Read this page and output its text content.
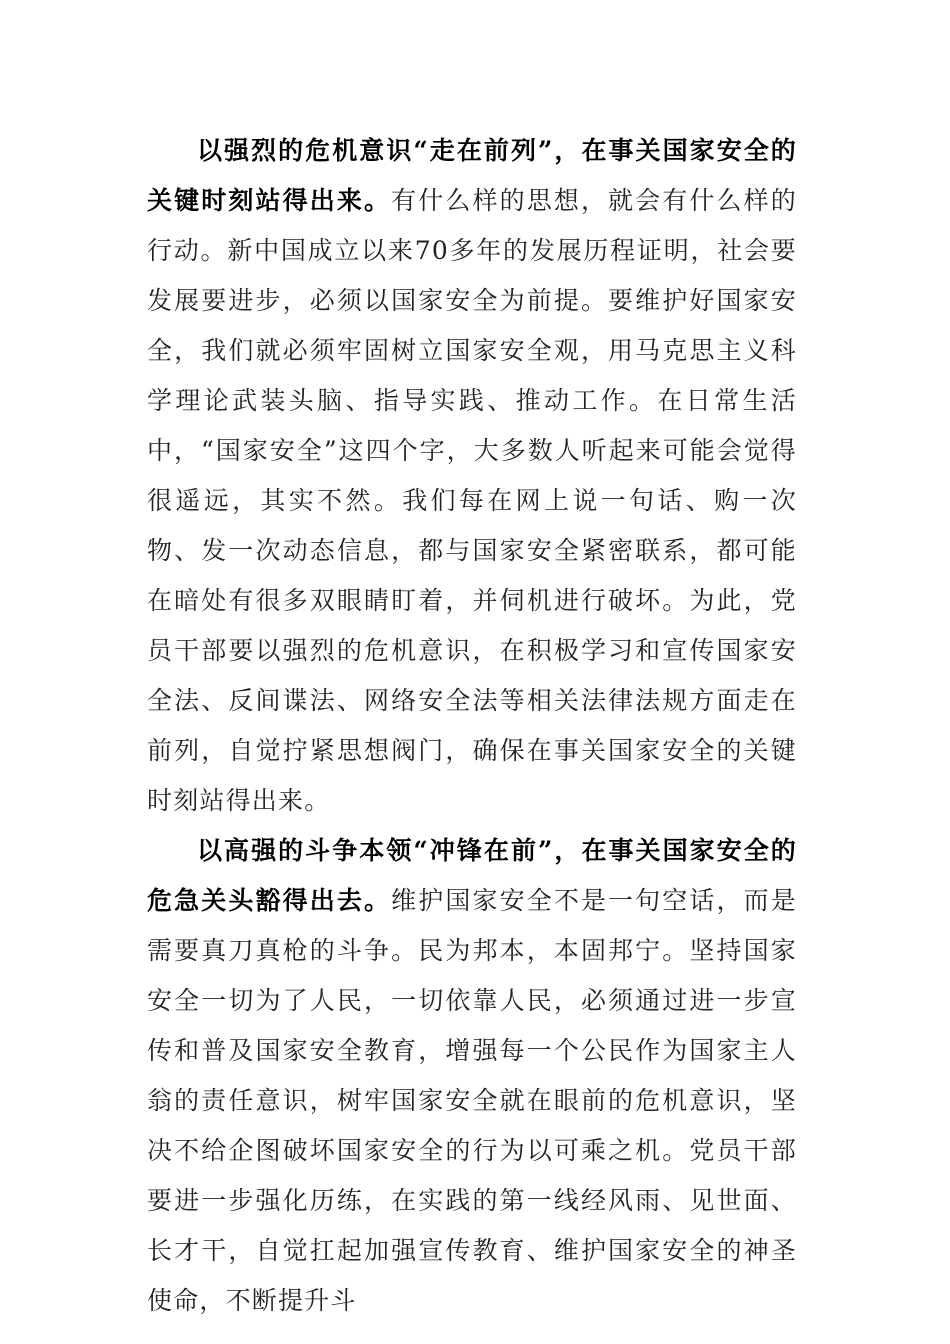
以强烈的危机意识“走在前列”，在事关国家安全的关键时刻站得出来。有什么样的思想，就会有什么样的行动。新中国成立以来70多年的发展历程证明，社会要发展要进步，必须以国家安全为前提。要维护好国家安全，我们就必须牢固树立国家安全观，用马克思主义科学理论武装头脑、指导实践、推动工作。在日常生活中，“国家安全”这四个字，大多数人听起来可能会觉得很遥远，其实不然。我们每在网上说一句话、购一次物、发一次动态信息，都与国家安全紧密联系，都可能在暗处有很多双眼睛盯着，并伺机进行破坏。为此，党员干部要以强烈的危机意识，在积极学习和宣传国家安全法、反间谍法、网络安全法等相关法律法规方面走在前列，自觉拧紧思想阀门，确保在事关国家安全的关键时刻站得出来。

以高强的斗争本领“冲锋在前”，在事关国家安全的危急关头豁得出去。维护国家安全不是一句空话，而是需要真刀真枪的斗争。民为邦本，本固邦宁。坚持国家安全一切为了人民，一切依靠人民，必须通过进一步宣传和普及国家安全教育，增强每一个公民作为国家主人翁的责任意识，树牢国家安全就在眼前的危机意识，坚决不给企图破坏国家安全的行为以可乘之机。党员干部要进一步强化历练，在实践的第一线经风雨、见世面、长才干，自觉扛起加强宣传教育、维护国家安全的神圣使命，不断提升斗
